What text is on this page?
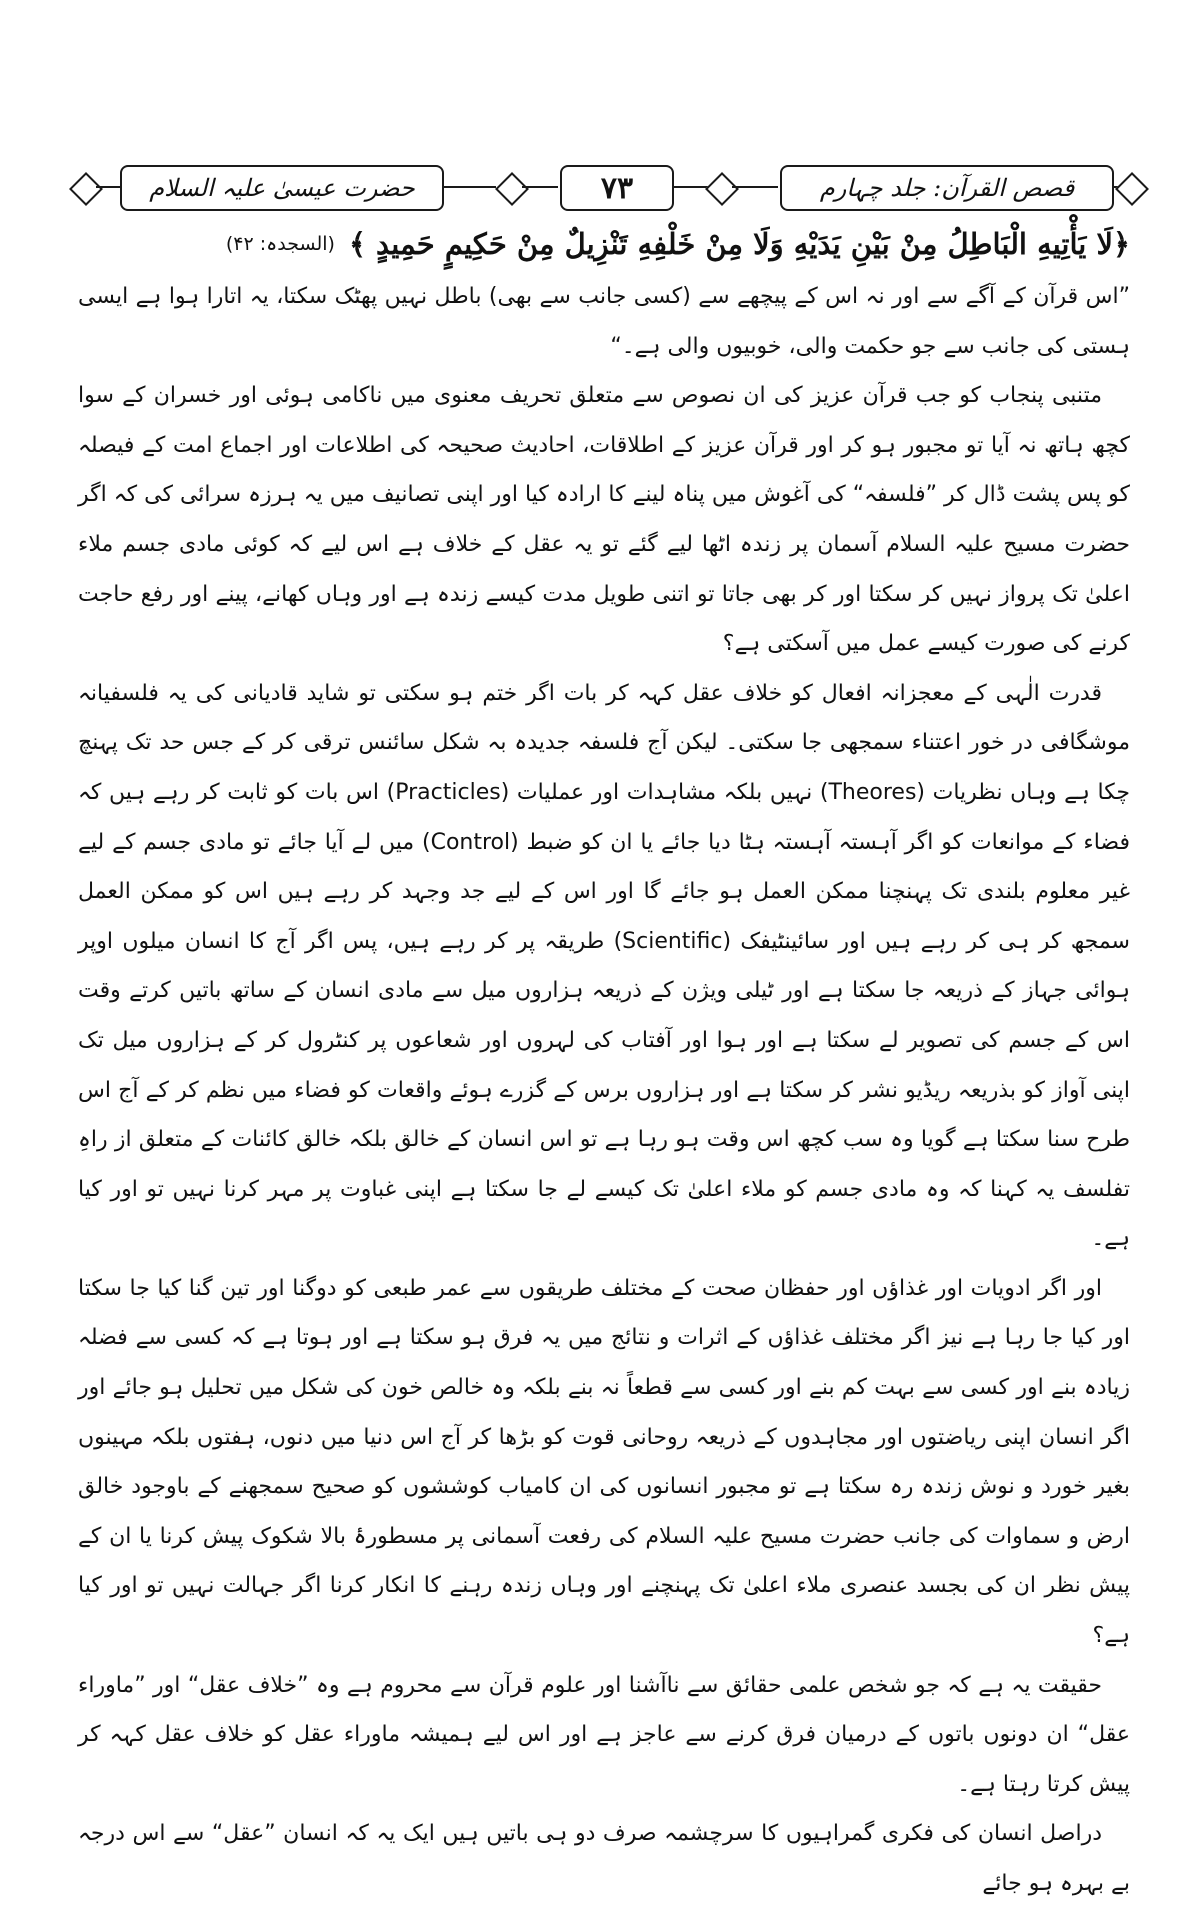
حضرت عیسیٰ علیہ السلام	۷۳	قصص القرآن: جلد چہارم
﴿لَا يَأْتِيهِ الْبَاطِلُ مِنْ بَيْنِ يَدَيْهِ وَلَا مِنْ خَلْفِهِ تَنْزِيلٌ مِنْ حَكِيمٍ حَمِيدٍ ﴾
(السجدہ: ۴۲)

”اس قرآن کے آگے سے اور نہ اس کے پیچھے سے (کسی جانب سے بھی) باطل نہیں پھٹک سکتا، یہ اتارا ہوا ہے ایسی ہستی کی جانب سے جو حکمت والی، خوبیوں والی ہے۔“

متنبی پنجاب کو جب قرآن عزیز کی ان نصوص سے متعلق تحریف معنوی میں ناکامی ہوئی اور خسران کے سوا کچھ ہاتھ نہ آیا تو مجبور ہو کر اور قرآن عزیز کے اطلاقات، احادیث صحیحہ کی اطلاعات اور اجماع امت کے فیصلہ کو پس پشت ڈال کر ”فلسفہ“ کی آغوش میں پناہ لینے کا ارادہ کیا اور اپنی تصانیف میں یہ ہرزہ سرائی کی کہ اگر حضرت مسیح علیہ السلام آسمان پر زندہ اٹھا لیے گئے تو یہ عقل کے خلاف ہے اس لیے کہ کوئی مادی جسم ملاء اعلیٰ تک پرواز نہیں کر سکتا اور کر بھی جاتا تو اتنی طویل مدت کیسے زندہ ہے اور وہاں کھانے، پینے اور رفع حاجت کرنے کی صورت کیسے عمل میں آسکتی ہے؟

قدرت الٰہی کے معجزانہ افعال کو خلاف عقل کہہ کر بات اگر ختم ہو سکتی تو شاید قادیانی کی یہ فلسفیانہ موشگافی در خور اعتناء سمجھی جا سکتی۔ لیکن آج فلسفہ جدیدہ بہ شکل سائنس ترقی کر کے جس حد تک پہنچ چکا ہے وہاں نظریات (Theores) نہیں بلکہ مشاہدات اور عملیات (Practicles) اس بات کو ثابت کر رہے ہیں کہ فضاء کے موانعات کو اگر آہستہ آہستہ ہٹا دیا جائے یا ان کو ضبط (Control) میں لے آیا جائے تو مادی جسم کے لیے غیر معلوم بلندی تک پہنچنا ممکن العمل ہو جائے گا اور اس کے لیے جد وجہد کر رہے ہیں اس کو ممکن العمل سمجھ کر ہی کر رہے ہیں اور سائینٹیفک (Scientific) طریقہ پر کر رہے ہیں، پس اگر آج کا انسان میلوں اوپر ہوائی جہاز کے ذریعہ جا سکتا ہے اور ٹیلی ویژن کے ذریعہ ہزاروں میل سے مادی انسان کے ساتھ باتیں کرتے وقت اس کے جسم کی تصویر لے سکتا ہے اور ہوا اور آفتاب کی لہروں اور شعاعوں پر کنٹرول کر کے ہزاروں میل تک اپنی آواز کو بذریعہ ریڈیو نشر کر سکتا ہے اور ہزاروں برس کے گزرے ہوئے واقعات کو فضاء میں نظم کر کے آج اس طرح سنا سکتا ہے گویا وہ سب کچھ اس وقت ہو رہا ہے تو اس انسان کے خالق بلکہ خالق کائنات کے متعلق از راہِ تفلسف یہ کہنا کہ وہ مادی جسم کو ملاء اعلیٰ تک کیسے لے جا سکتا ہے اپنی غباوت پر مہر کرنا نہیں تو اور کیا ہے۔

اور اگر ادویات اور غذاؤں اور حفظان صحت کے مختلف طریقوں سے عمر طبعی کو دوگنا اور تین گنا کیا جا سکتا اور کیا جا رہا ہے نیز اگر مختلف غذاؤں کے اثرات و نتائج میں یہ فرق ہو سکتا ہے اور ہوتا ہے کہ کسی سے فضلہ زیادہ بنے اور کسی سے بہت کم بنے اور کسی سے قطعاً نہ بنے بلکہ وہ خالص خون کی شکل میں تحلیل ہو جائے اور اگر انسان اپنی ریاضتوں اور مجاہدوں کے ذریعہ روحانی قوت کو بڑھا کر آج اس دنیا میں دنوں، ہفتوں بلکہ مہینوں بغیر خورد و نوش زندہ رہ سکتا ہے تو مجبور انسانوں کی ان کامیاب کوششوں کو صحیح سمجھنے کے باوجود خالق ارض و سماوات کی جانب حضرت مسیح علیہ السلام کی رفعت آسمانی پر مسطورۂ بالا شکوک پیش کرنا یا ان کے پیش نظر ان کی بجسد عنصری ملاء اعلیٰ تک پہنچنے اور وہاں زندہ رہنے کا انکار کرنا اگر جہالت نہیں تو اور کیا ہے؟

حقیقت یہ ہے کہ جو شخص علمی حقائق سے ناآشنا اور علوم قرآن سے محروم ہے وہ ”خلاف عقل“ اور ”ماوراء عقل“ ان دونوں باتوں کے درمیان فرق کرنے سے عاجز ہے اور اس لیے ہمیشہ ماوراء عقل کو خلاف عقل کہہ کر پیش کرتا رہتا ہے۔

دراصل انسان کی فکری گمراہیوں کا سرچشمہ صرف دو ہی باتیں ہیں ایک یہ کہ انسان ”عقل“ سے اس درجہ بے بہرہ ہو جائے
